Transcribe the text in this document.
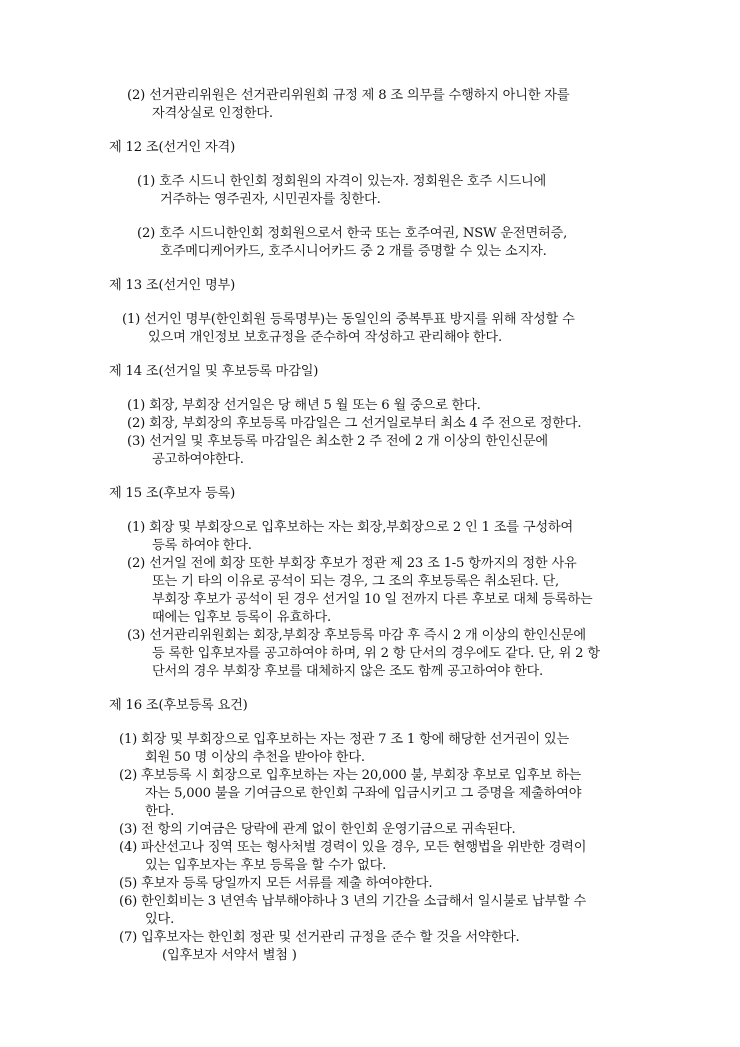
(2) 선거관리위원은 선거관리위원회 규정 제 8 조 의무를 수행하지 아니한 자를
자격상실로 인정한다.
제 12 조(선거인 자격)
(1) 호주 시드니 한인회 정회원의 자격이 있는자. 정회원은 호주 시드니에
거주하는 영주권자, 시민권자를 칭한다.
(2) 호주 시드니한인회 정회원으로서 한국 또는 호주여권, NSW 운전면허증,
호주메디케어카드, 호주시니어카드 중 2 개를 증명할 수 있는 소지자.
제 13 조(선거인 명부)
(1) 선거인 명부(한인회원 등록명부)는 동일인의 중복투표 방지를 위해 작성할 수
있으며 개인정보 보호규정을 준수하여 작성하고 관리해야 한다.
제 14 조(선거일 및 후보등록 마감일)
(1) 회장, 부회장 선거일은 당 해년 5 월 또는 6 월 중으로 한다.
(2) 회장, 부회장의 후보등록 마감일은 그 선거일로부터 최소 4 주 전으로 정한다.
(3) 선거일 및 후보등록 마감일은 최소한 2 주 전에 2 개 이상의 한인신문에
공고하여야한다.
제 15 조(후보자 등록)
(1) 회장 및 부회장으로 입후보하는 자는 회장,부회장으로 2 인 1 조를 구성하여
등록 하여야 한다.
(2) 선거일 전에 회장 또한 부회장 후보가 정관 제 23 조 1-5 항까지의 정한 사유
또는 기 타의 이유로 공석이 되는 경우, 그 조의 후보등록은 취소된다. 단,
부회장 후보가 공석이 된 경우 선거일 10 일 전까지 다른 후보로 대체 등록하는
때에는 입후보 등록이 유효하다.
(3) 선거관리위원회는 회장,부회장 후보등록 마감 후 즉시 2 개 이상의 한인신문에
등 록한 입후보자를 공고하여야 하며, 위 2 항 단서의 경우에도 같다. 단, 위 2 항
단서의 경우 부회장 후보를 대체하지 않은 조도 함께 공고하여야 한다.
제 16 조(후보등록 요건)
(1) 회장 및 부회장으로 입후보하는 자는 정관 7 조 1 항에 해당한 선거권이 있는
회원 50 명 이상의 추천을 받아야 한다.
(2) 후보등록 시 회장으로 입후보하는 자는 20,000 불, 부회장 후보로 입후보 하는
자는 5,000 불을 기여금으로 한인회 구좌에 입금시키고 그 증명을 제출하여야
한다.
(3) 전 항의 기여금은 당락에 관계 없이 한인회 운영기금으로 귀속된다.
(4) 파산선고나 징역 또는 형사처벌 경력이 있을 경우, 모든 현행법을 위반한 경력이
있는 입후보자는 후보 등록을 할 수가 없다.
(5) 후보자 등록 당일까지 모든 서류를 제출 하여야한다.
(6) 한인회비는 3 년연속 납부해야하나 3 년의 기간을 소급해서 일시불로 납부할 수
있다.
(7) 입후보자는 한인회 정관 및 선거관리 규정을 준수 할 것을 서약한다.
(입후보자 서약서 별첨 )
